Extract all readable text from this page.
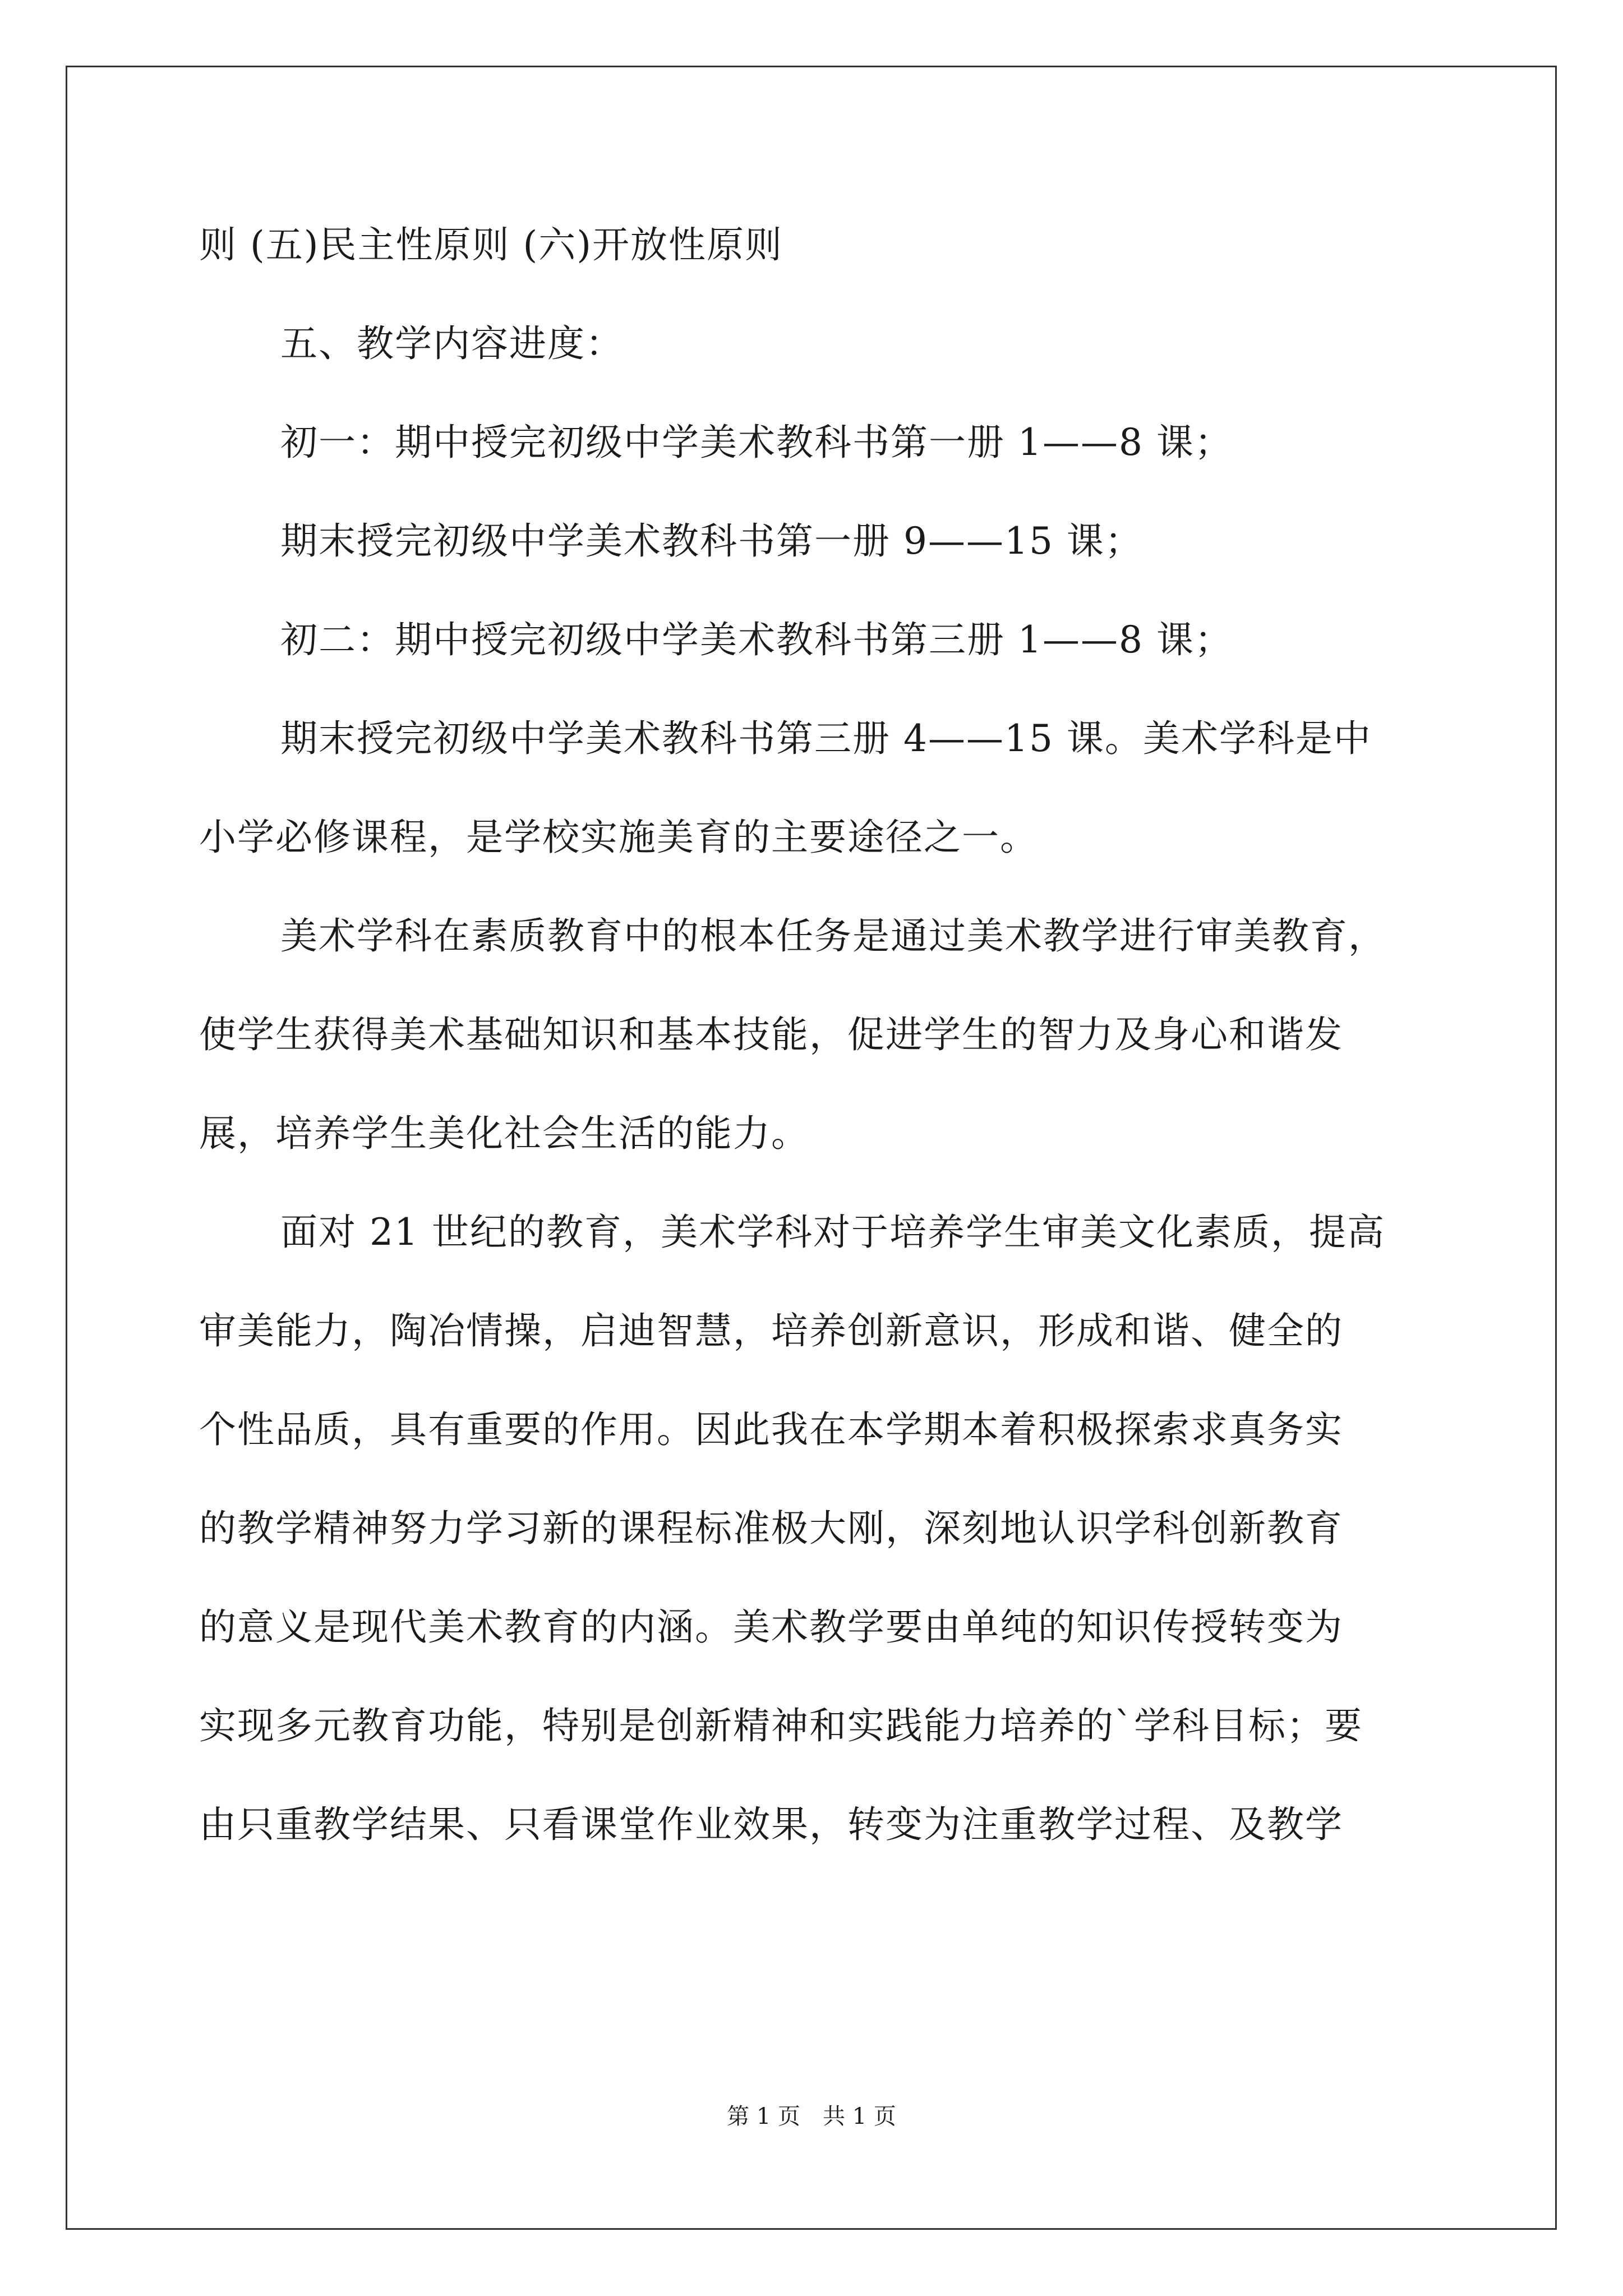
则 (五)民主性原则 (六)开放性原则
五、教学内容进度：
初一：期中授完初级中学美术教科书第一册 1——8 课；
期末授完初级中学美术教科书第一册 9——15 课；
初二：期中授完初级中学美术教科书第三册 1——8 课；
期末授完初级中学美术教科书第三册 4——15 课。美术学科是中
小学必修课程，是学校实施美育的主要途径之一。
美术学科在素质教育中的根本任务是通过美术教学进行审美教育，
使学生获得美术基础知识和基本技能，促进学生的智力及身心和谐发
展，培养学生美化社会生活的能力。
面对 21 世纪的教育，美术学科对于培养学生审美文化素质，提高
审美能力，陶冶情操，启迪智慧，培养创新意识，形成和谐、健全的
个性品质，具有重要的作用。因此我在本学期本着积极探索求真务实
的教学精神努力学习新的课程标准极大刚，深刻地认识学科创新教育
的意义是现代美术教育的内涵。美术教学要由单纯的知识传授转变为
实现多元教育功能，特别是创新精神和实践能力培养的`学科目标；要
由只重教学结果、只看课堂作业效果，转变为注重教学过程、及教学
第 1 页　共 1 页
